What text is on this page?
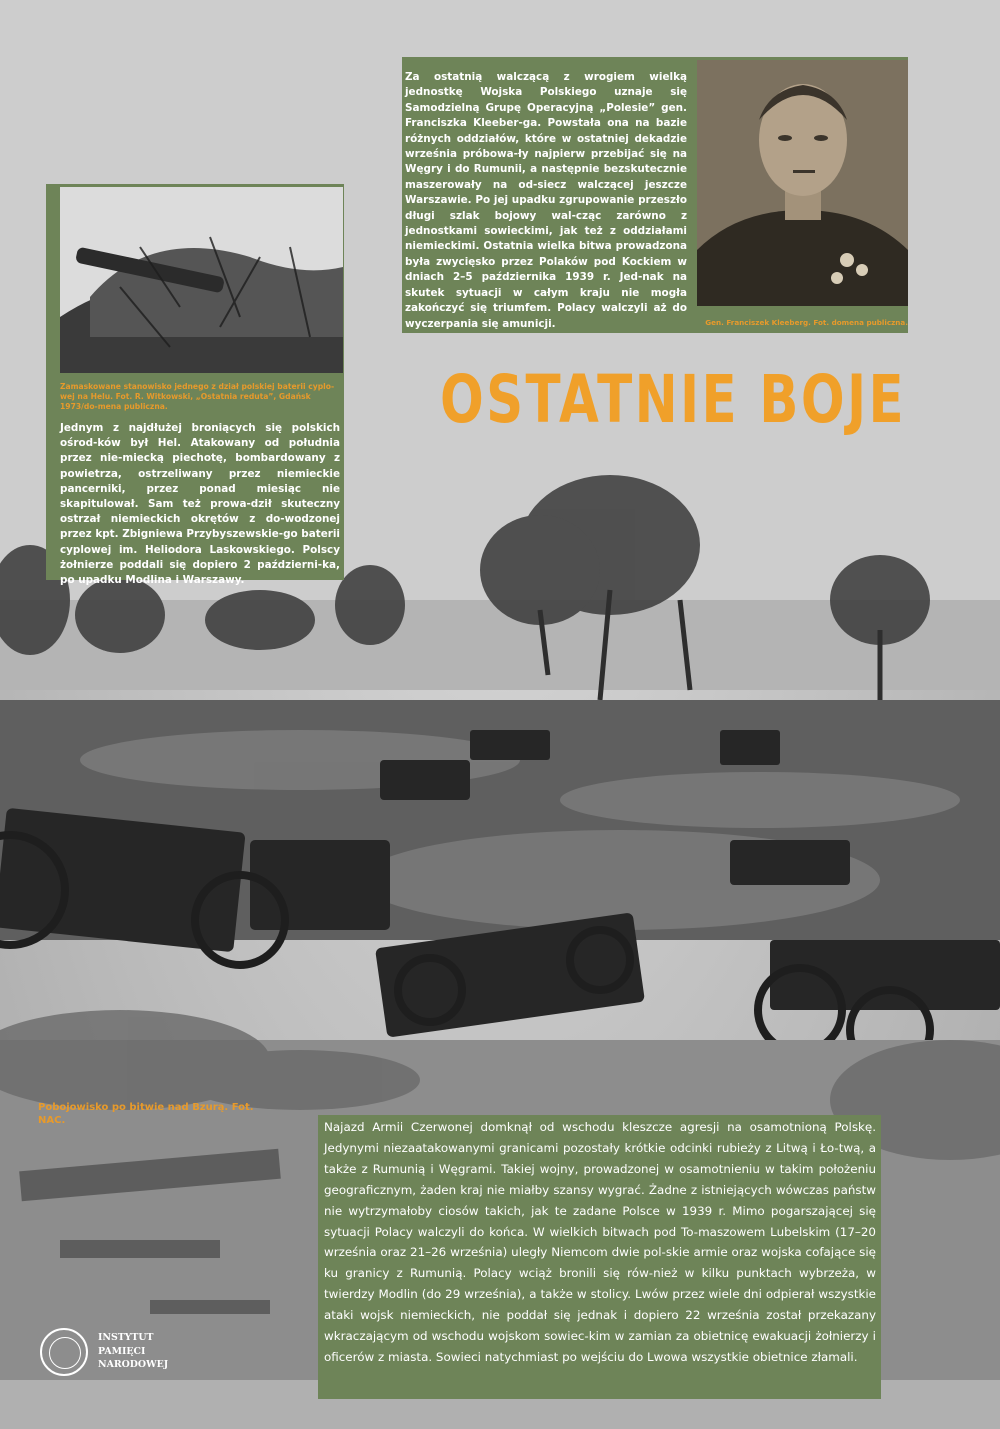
OSTATNIE BOJE
Zamaskowane stanowisko jednego z dział polskiej baterii cyplo-wej na Helu. Fot. R. Witkowski, „Ostatnia reduta”, Gdańsk 1973/do-mena publiczna.
Jednym z najdłużej broniących się polskich ośrod-ków był Hel. Atakowany od południa przez nie-miecką piechotę, bombardowany z powietrza, ostrzeliwany przez niemieckie pancerniki, przez ponad miesiąc nie skapitulował. Sam też prowa-dził skuteczny ostrzał niemieckich okrętów z do-wodzonej przez kpt. Zbigniewa Przybyszewskie-go baterii cyplowej im. Heliodora Laskowskiego. Polscy żołnierze poddali się dopiero 2 październi-ka, po upadku Modlina i Warszawy.
Za ostatnią walczącą z wrogiem wielką jednostkę Wojska Polskiego uznaje się Samodzielną Grupę Operacyjną „Polesie” gen. Franciszka Kleeber-ga. Powstała ona na bazie różnych oddziałów, które w ostatniej dekadzie września próbowa-ły najpierw przebijać się na Węgry i do Rumunii, a następnie bezskutecznie maszerowały na od-siecz walczącej jeszcze Warszawie. Po jej upadku zgrupowanie przeszło długi szlak bojowy wal-cząc zarówno z jednostkami sowieckimi, jak też z oddziałami niemieckimi. Ostatnia wielka bitwa prowadzona była zwycięsko przez Polaków pod Kockiem w dniach 2–5 października 1939 r. Jed-nak na skutek sytuacji w całym kraju nie mogła zakończyć się triumfem. Polacy walczyli aż do wyczerpania się amunicji.	Gen. Franciszek Kleeberg. Fot. domena publiczna.
Pobojowisko po bitwie nad Bzurą. Fot. NAC.	Najazd Armii Czerwonej domknął od wschodu kleszcze agresji na osamotnioną Polskę. Jedynymi niezaatakowanymi granicami pozostały krótkie odcinki rubieży z Litwą i Ło-twą, a także z Rumunią i Węgrami. Takiej wojny, prowadzonej w osamotnieniu w takim położeniu geograficznym, żaden kraj nie miałby szansy wygrać. Żadne z istniejących wówczas państw nie wytrzymałoby ciosów takich, jak te zadane Polsce w 1939 r. Mimo pogarszającej się sytuacji Polacy walczyli do końca. W wielkich bitwach pod To-maszowem Lubelskim (17–20 września oraz 21–26 września) uległy Niemcom dwie pol-skie armie oraz wojska cofające się ku granicy z Rumunią. Polacy wciąż bronili się rów-nież w kilku punktach wybrzeża, w twierdzy Modlin (do 29 września), a także w stolicy. Lwów przez wiele dni odpierał wszystkie ataki wojsk niemieckich, nie poddał się jednak i dopiero 22 września został przekazany wkraczającym od wschodu wojskom sowiec-kim w zamian za obietnicę ewakuacji żołnierzy i oficerów z miasta. Sowieci natychmiast po wejściu do Lwowa wszystkie obietnice złamali.
INSTYTUT
PAMIĘCI
NARODOWEJ
